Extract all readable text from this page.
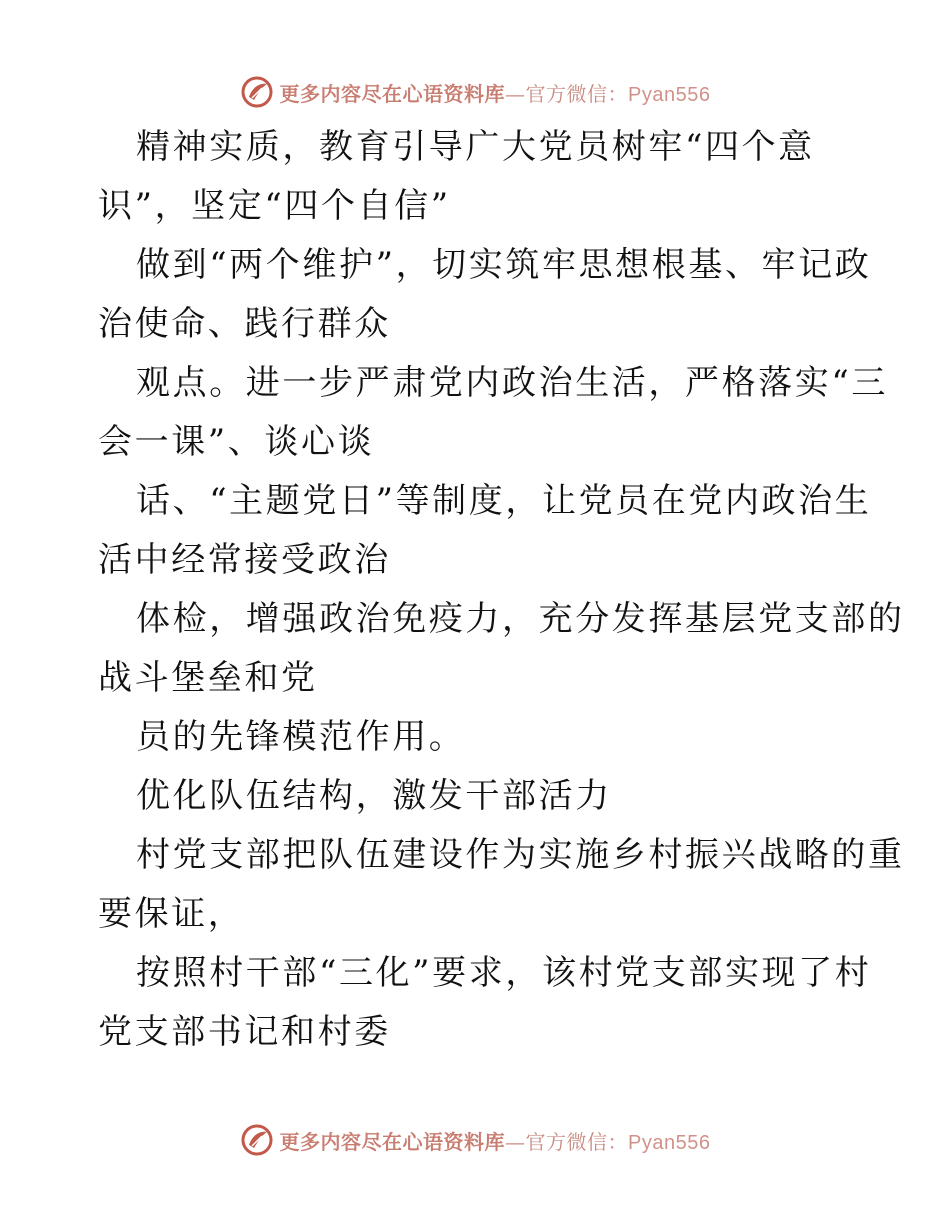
更多内容尽在心语资料库—官方微信：Pyan556
精神实质，教育引导广大党员树牢“四个意
识”，坚定“四个自信”
做到“两个维护”，切实筑牢思想根基、牢记政
治使命、践行群众
观点。进一步严肃党内政治生活，严格落实“三
会一课”、谈心谈
话、“主题党日”等制度，让党员在党内政治生
活中经常接受政治
体检，增强政治免疫力，充分发挥基层党支部的
战斗堡垒和党
员的先锋模范作用。
优化队伍结构，激发干部活力
村党支部把队伍建设作为实施乡村振兴战略的重
要保证，
按照村干部“三化”要求，该村党支部实现了村
党支部书记和村委
更多内容尽在心语资料库—官方微信：Pyan556
